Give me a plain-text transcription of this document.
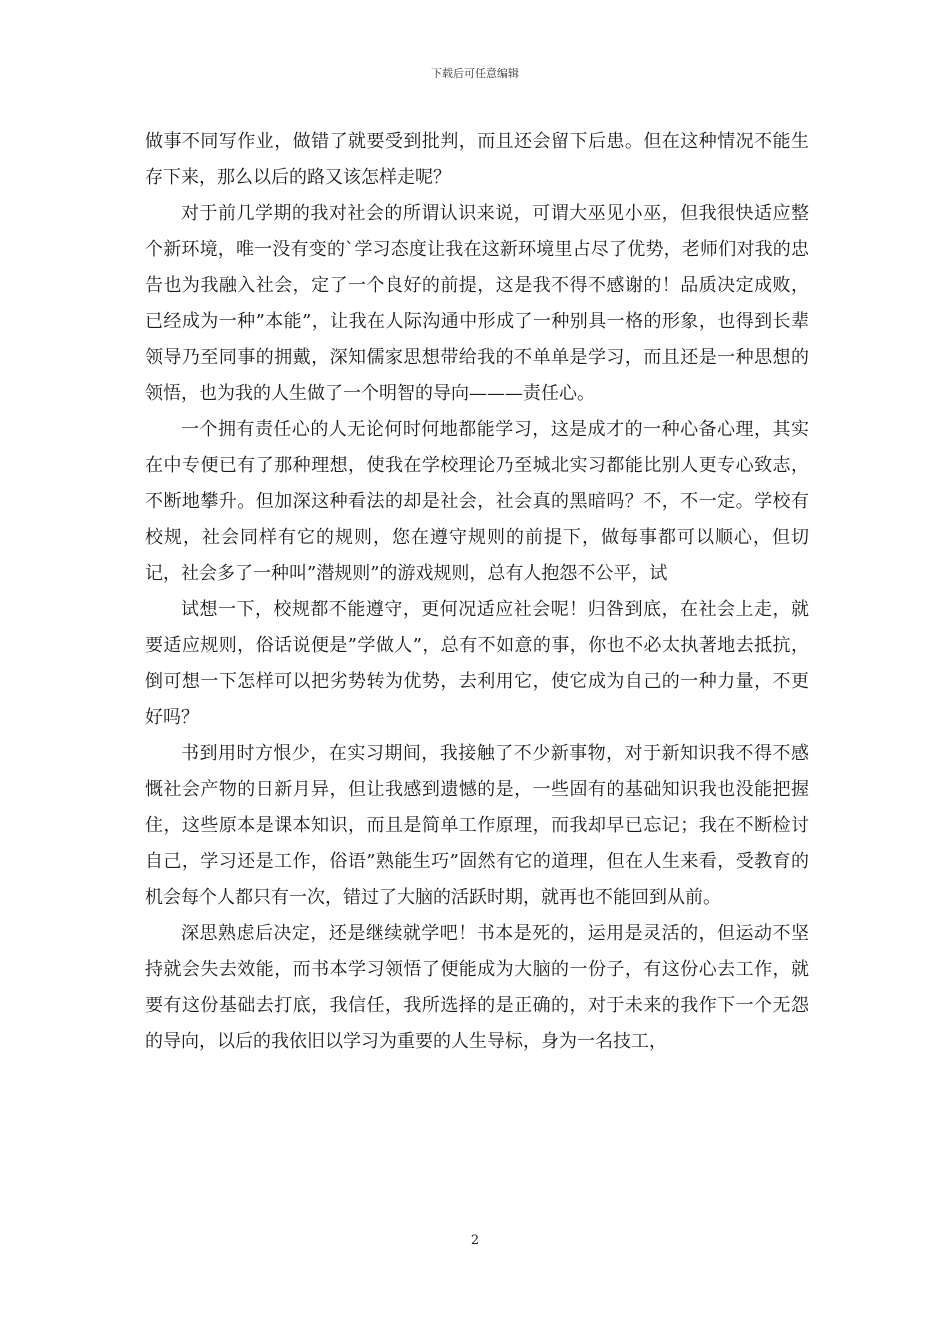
下载后可任意编辑

做事不同写作业，做错了就要受到批判，而且还会留下后患。但在这种情况不能生存下来，那么以后的路又该怎样走呢？

对于前几学期的我对社会的所谓认识来说，可谓大巫见小巫，但我很快适应整个新环境，唯一没有变的`学习态度让我在这新环境里占尽了优势，老师们对我的忠告也为我融入社会，定了一个良好的前提，这是我不得不感谢的！品质决定成败，已经成为一种”本能”，让我在人际沟通中形成了一种别具一格的形象，也得到长辈领导乃至同事的拥戴，深知儒家思想带给我的不单单是学习，而且还是一种思想的领悟，也为我的人生做了一个明智的导向———责任心。

一个拥有责任心的人无论何时何地都能学习，这是成才的一种心备心理，其实在中专便已有了那种理想，使我在学校理论乃至城北实习都能比别人更专心致志，不断地攀升。但加深这种看法的却是社会，社会真的黑暗吗？不，不一定。学校有校规，社会同样有它的规则，您在遵守规则的前提下，做每事都可以顺心，但切记，社会多了一种叫”潜规则”的游戏规则，总有人抱怨不公平，试

试想一下，校规都不能遵守，更何况适应社会呢！归咎到底，在社会上走，就要适应规则，俗话说便是”学做人”，总有不如意的事，你也不必太执著地去抵抗，倒可想一下怎样可以把劣势转为优势，去利用它，使它成为自己的一种力量，不更好吗？

书到用时方恨少，在实习期间，我接触了不少新事物，对于新知识我不得不感慨社会产物的日新月异，但让我感到遗憾的是，一些固有的基础知识我也没能把握住，这些原本是课本知识，而且是简单工作原理，而我却早已忘记；我在不断检讨自己，学习还是工作，俗语”熟能生巧”固然有它的道理，但在人生来看，受教育的机会每个人都只有一次，错过了大脑的活跃时期，就再也不能回到从前。

深思熟虑后决定，还是继续就学吧！书本是死的，运用是灵活的，但运动不坚持就会失去效能，而书本学习领悟了便能成为大脑的一份子，有这份心去工作，就要有这份基础去打底，我信任，我所选择的是正确的，对于未来的我作下一个无怨的导向，以后的我依旧以学习为重要的人生导标，身为一名技工，

2
